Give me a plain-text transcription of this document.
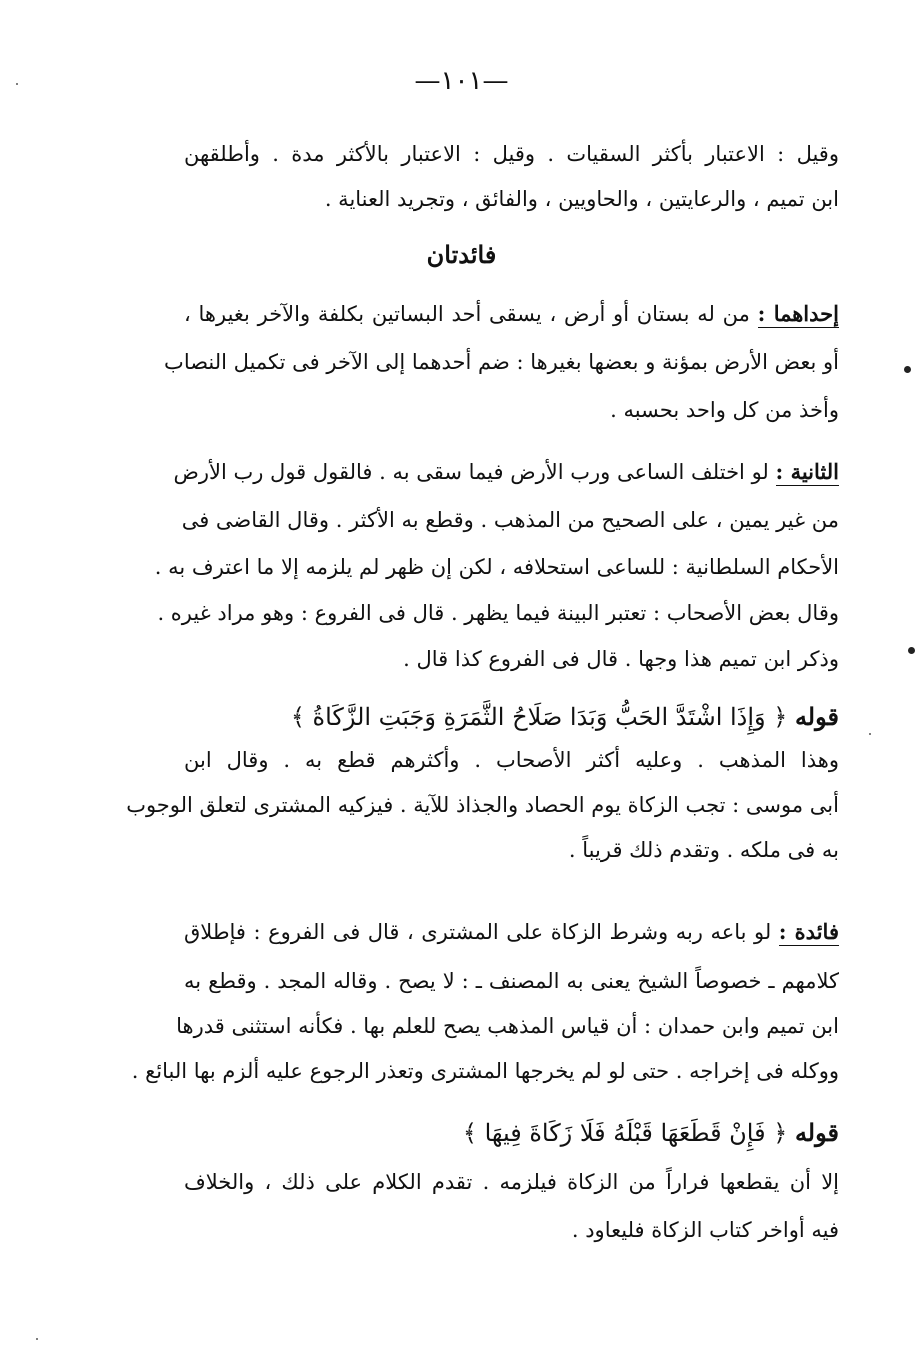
—١٠١—
وقيل : الاعتبار بأكثر السقيات . وقيل : الاعتبار بالأكثر مدة . وأطلقهن
ابن تميم ، والرعايتين ، والحاويين ، والفائق ، وتجريد العناية .
فائدتان
إحداهما : من له بستان أو أرض ، يسقى أحد البساتين بكلفة والآخر بغيرها ،
أو بعض الأرض بمؤنة و بعضها بغيرها : ضم أحدهما إلى الآخر فى تكميل النصاب
وأخذ من كل واحد بحسبه .
الثانية : لو اختلف الساعى ورب الأرض فيما سقى به . فالقول قول رب الأرض
من غير يمين ، على الصحيح من المذهب . وقطع به الأكثر . وقال القاضى فى
الأحكام السلطانية : للساعى استحلافه ، لكن إن ظهر لم يلزمه إلا ما اعترف به .
وقال بعض الأصحاب : تعتبر البينة فيما يظهر . قال فى الفروع : وهو مراد غيره .
وذكر ابن تميم هذا وجها . قال فى الفروع كذا قال .
قوله ﴿ وَإِذَا اشْتَدَّ الحَبُّ وَبَدَا صَلَاحُ الثَّمَرَةِ وَجَبَتِ الزَّكَاةُ ﴾
وهذا المذهب . وعليه أكثر الأصحاب . وأكثرهم قطع به . وقال ابن
أبى موسى : تجب الزكاة يوم الحصاد والجذاذ للآية . فيزكيه المشترى لتعلق الوجوب
به فى ملكه . وتقدم ذلك قريباً .
فائدة : لو باعه ربه وشرط الزكاة على المشترى ، قال فى الفروع : فإطلاق
كلامهم ـ خصوصاً الشيخ يعنى به المصنف ـ : لا يصح . وقاله المجد . وقطع به
ابن تميم وابن حمدان : أن قياس المذهب يصح للعلم بها . فكأنه استثنى قدرها
ووكله فى إخراجه . حتى لو لم يخرجها المشترى وتعذر الرجوع عليه ألزم بها البائع .
قوله ﴿ فَإِنْ قَطَعَهَا قَبْلَهُ فَلَا زَكَاةَ فِيهَا ﴾
إلا أن يقطعها فراراً من الزكاة فيلزمه . تقدم الكلام على ذلك ، والخلاف
فيه أواخر كتاب الزكاة فليعاود .
